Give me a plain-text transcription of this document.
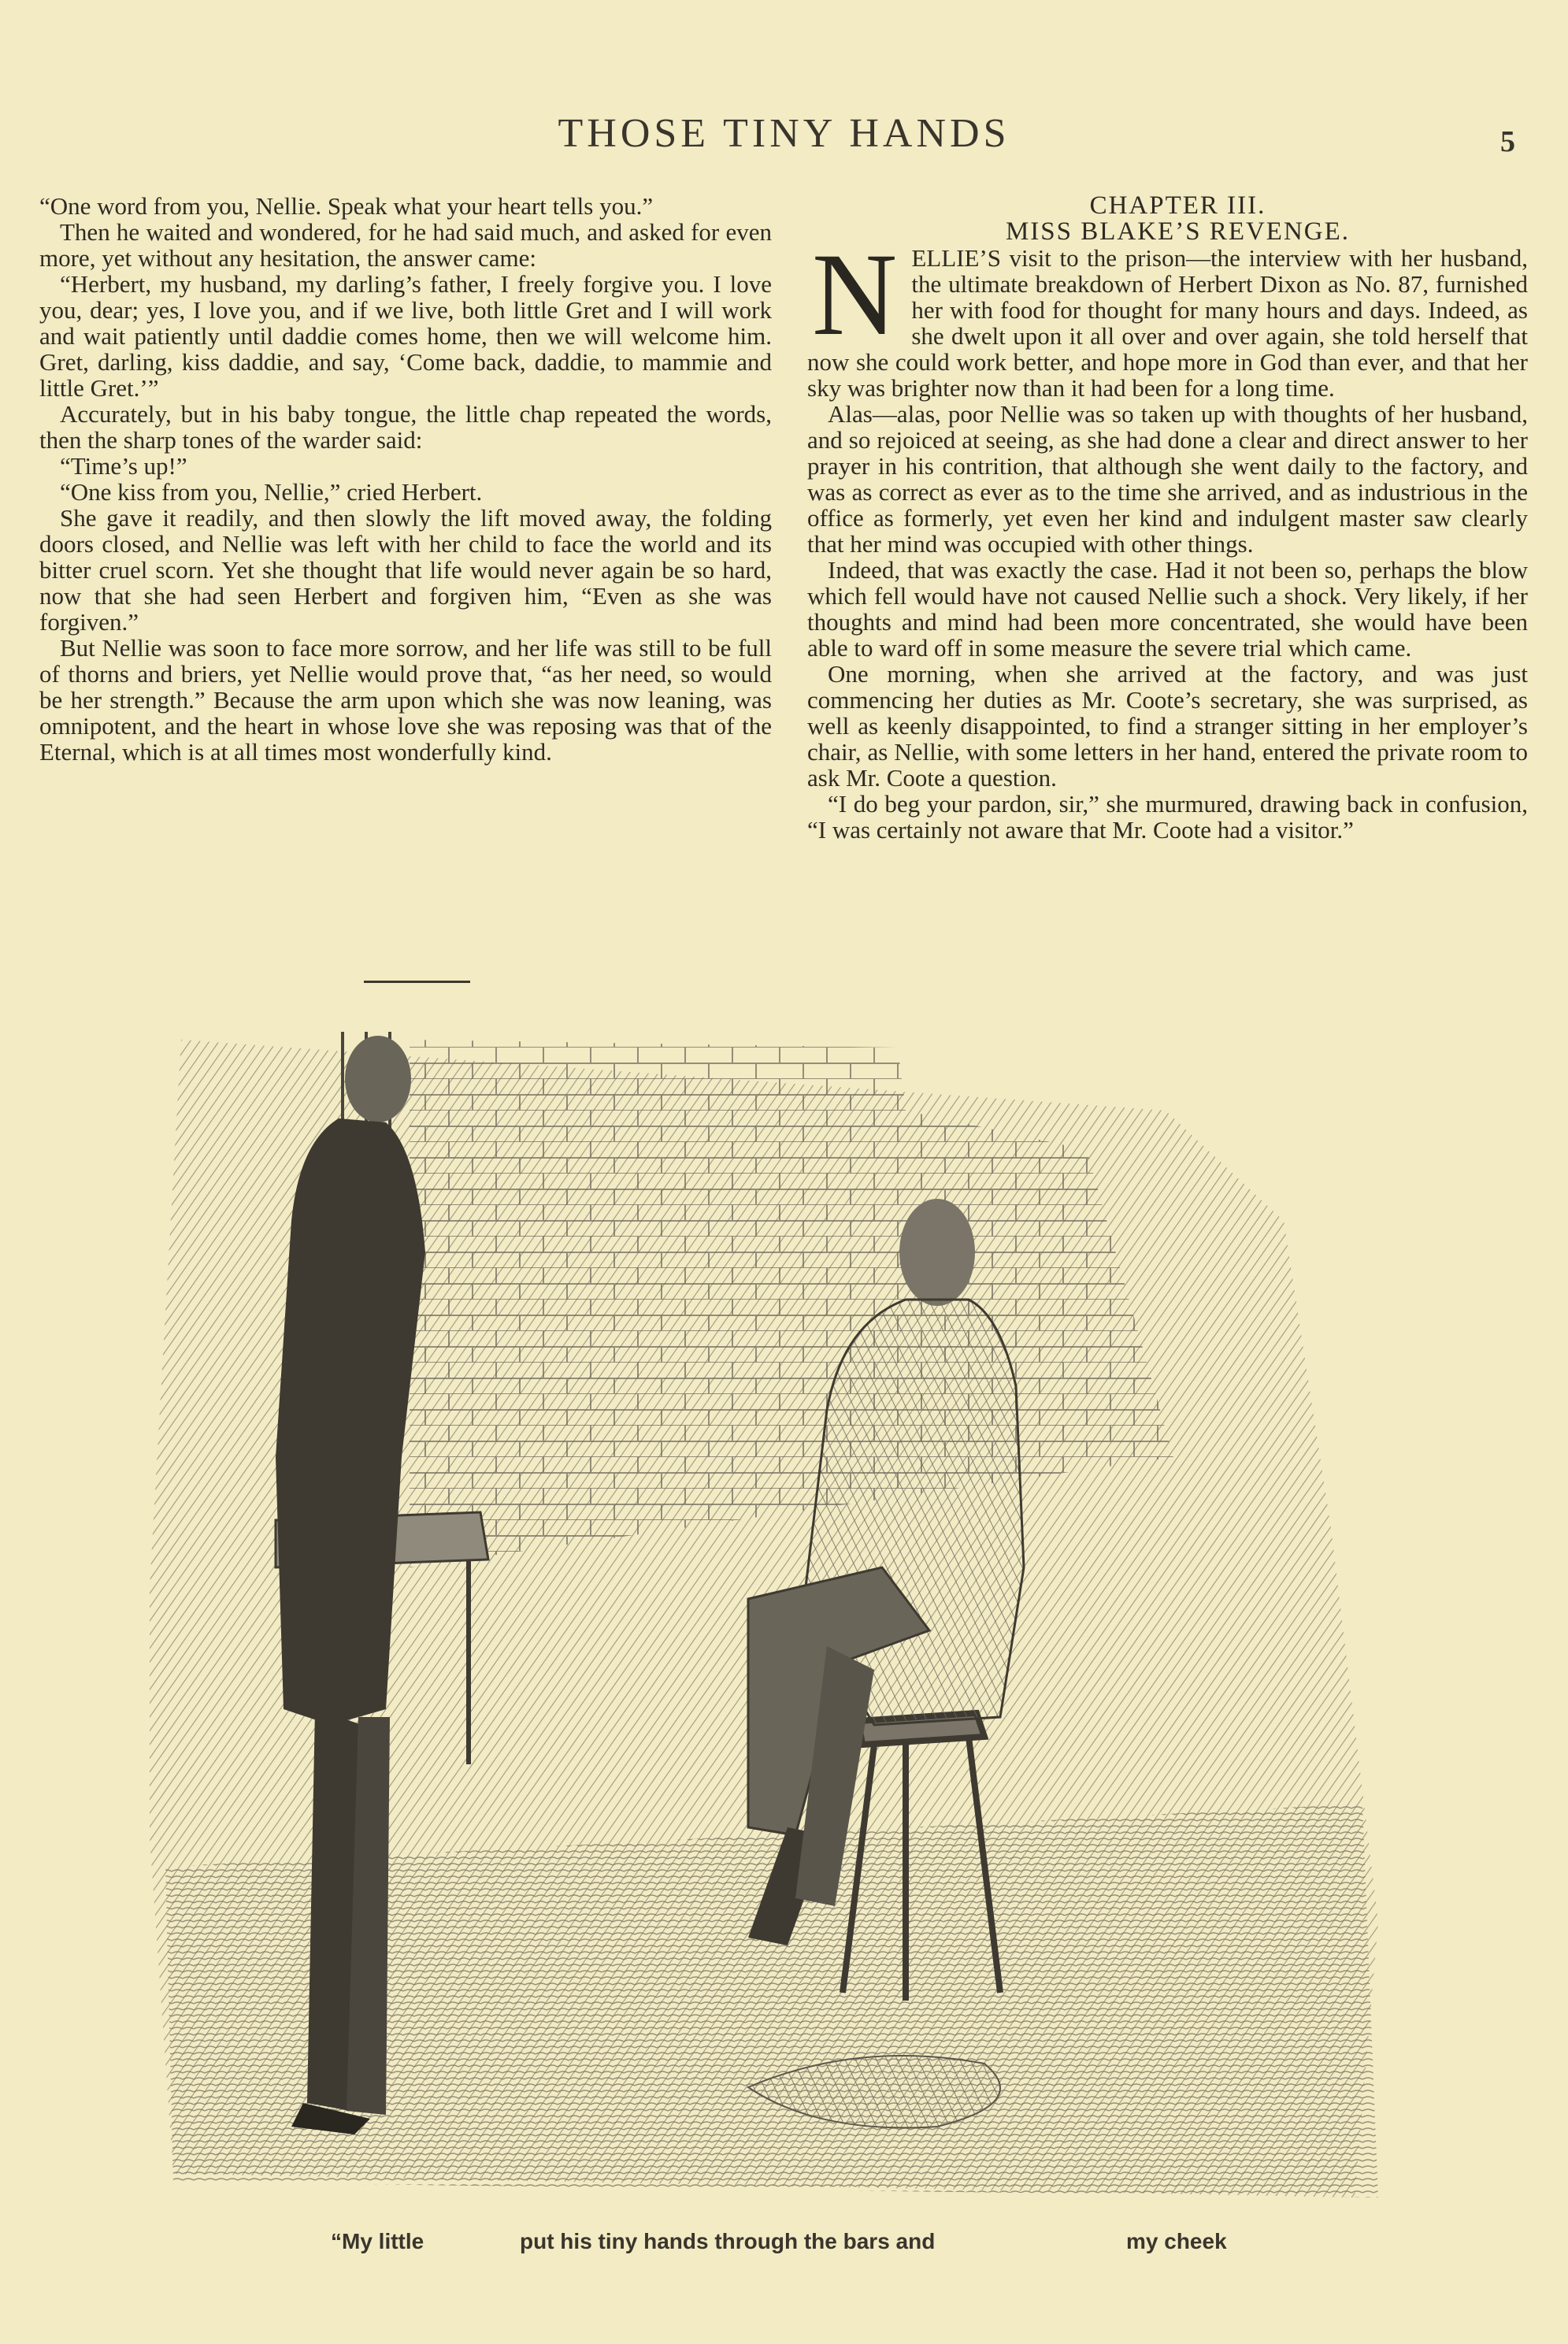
THOSE TINY HANDS	5

“One word from you, Nellie. Speak what your heart tells you.”

Then he waited and wondered, for he had said much, and asked for even more, yet without any hesitation, the answer came:

“Herbert, my husband, my darling’s father, I freely forgive you. I love you, dear; yes, I love you, and if we live, both little Gret and I will work and wait patiently until daddie comes home, then we will welcome him. Gret, darling, kiss daddie, and say, ‘Come back, daddie, to mammie and little Gret.’”

Accurately, but in his baby tongue, the little chap repeated the words, then the sharp tones of the warder said:

“Time’s up!”

“One kiss from you, Nellie,” cried Herbert.

She gave it readily, and then slowly the lift moved away, the folding doors closed, and Nellie was left with her child to face the world and its bitter cruel scorn. Yet she thought that life would never again be so hard, now that she had seen Herbert and forgiven him, “Even as she was forgiven.”

But Nellie was soon to face more sorrow, and her life was still to be full of thorns and briers, yet Nellie would prove that, “as her need, so would be her strength.” Because the arm upon which she was now leaning, was omnipotent, and the heart in whose love she was reposing was that of the Eternal, which is at all times most wonderfully kind.

CHAPTER III.

MISS BLAKE’S REVENGE.

NELLIE’S visit to the prison—the interview with her husband, the ultimate breakdown of Herbert Dixon as No. 87, furnished her with food for thought for many hours and days. Indeed, as she dwelt upon it all over and over again, she told herself that now she could work better, and hope more in God than ever, and that her sky was brighter now than it had been for a long time.

Alas—alas, poor Nellie was so taken up with thoughts of her husband, and so rejoiced at seeing, as she had done a clear and direct answer to her prayer in his contrition, that although she went daily to the factory, and was as correct as ever as to the time she arrived, and as industrious in the office as formerly, yet even her kind and indulgent master saw clearly that her mind was occupied with other things.

Indeed, that was exactly the case. Had it not been so, perhaps the blow which fell would have not caused Nellie such a shock. Very likely, if her thoughts and mind had been more concentrated, she would have been able to ward off in some measure the severe trial which came.

One morning, when she arrived at the factory, and was just commencing her duties as Mr. Coote’s secretary, she was surprised, as well as keenly disappointed, to find a stranger sitting in her employer’s chair, as Nellie, with some letters in her hand, entered the private room to ask Mr. Coote a question.

“I do beg your pardon, sir,” she murmured, drawing back in confusion, “I was certainly not aware that Mr. Coote had a visitor.”

“My little	put his tiny hands through the bars and	my cheek
